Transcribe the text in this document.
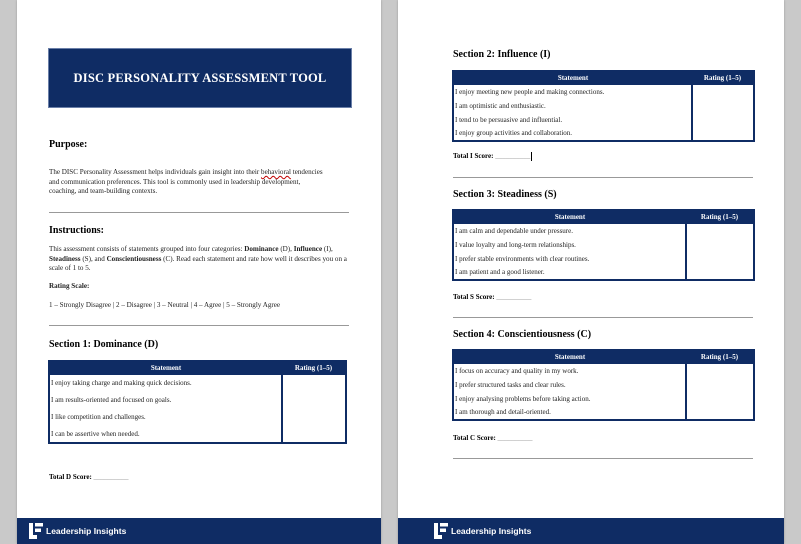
DISC PERSONALITY ASSESSMENT TOOL
Purpose:
The DISC Personality Assessment helps individuals gain insight into their behavioral tendencies and communication preferences. This tool is commonly used in leadership development, coaching, and team-building contexts.
Instructions:
This assessment consists of statements grouped into four categories: Dominance (D), Influence (I), Steadiness (S), and Conscientiousness (C). Read each statement and rate how well it describes you on a scale of 1 to 5.
Rating Scale:
1 – Strongly Disagree | 2 – Disagree | 3 – Neutral | 4 – Agree | 5 – Strongly Agree
Section 1: Dominance (D)
Statement	Rating (1–5)
I enjoy taking charge and making quick decisions.	
I am results-oriented and focused on goals.	
I like competition and challenges.	
I can be assertive when needed.	
Total D Score: __________
Leadership Insights
Section 2: Influence (I)
Statement	Rating (1–5)
I enjoy meeting new people and making connections.	
I am optimistic and enthusiastic.	
I tend to be persuasive and influential.	
I enjoy group activities and collaboration.	
Total I Score: __________
Section 3: Steadiness (S)
Statement	Rating (1–5)
I am calm and dependable under pressure.	
I value loyalty and long-term relationships.	
I prefer stable environments with clear routines.	
I am patient and a good listener.	
Total S Score: __________
Section 4: Conscientiousness (C)
Statement	Rating (1–5)
I focus on accuracy and quality in my work.	
I prefer structured tasks and clear rules.	
I enjoy analysing problems before taking action.	
I am thorough and detail-oriented.	
Total C Score: __________
Leadership Insights
